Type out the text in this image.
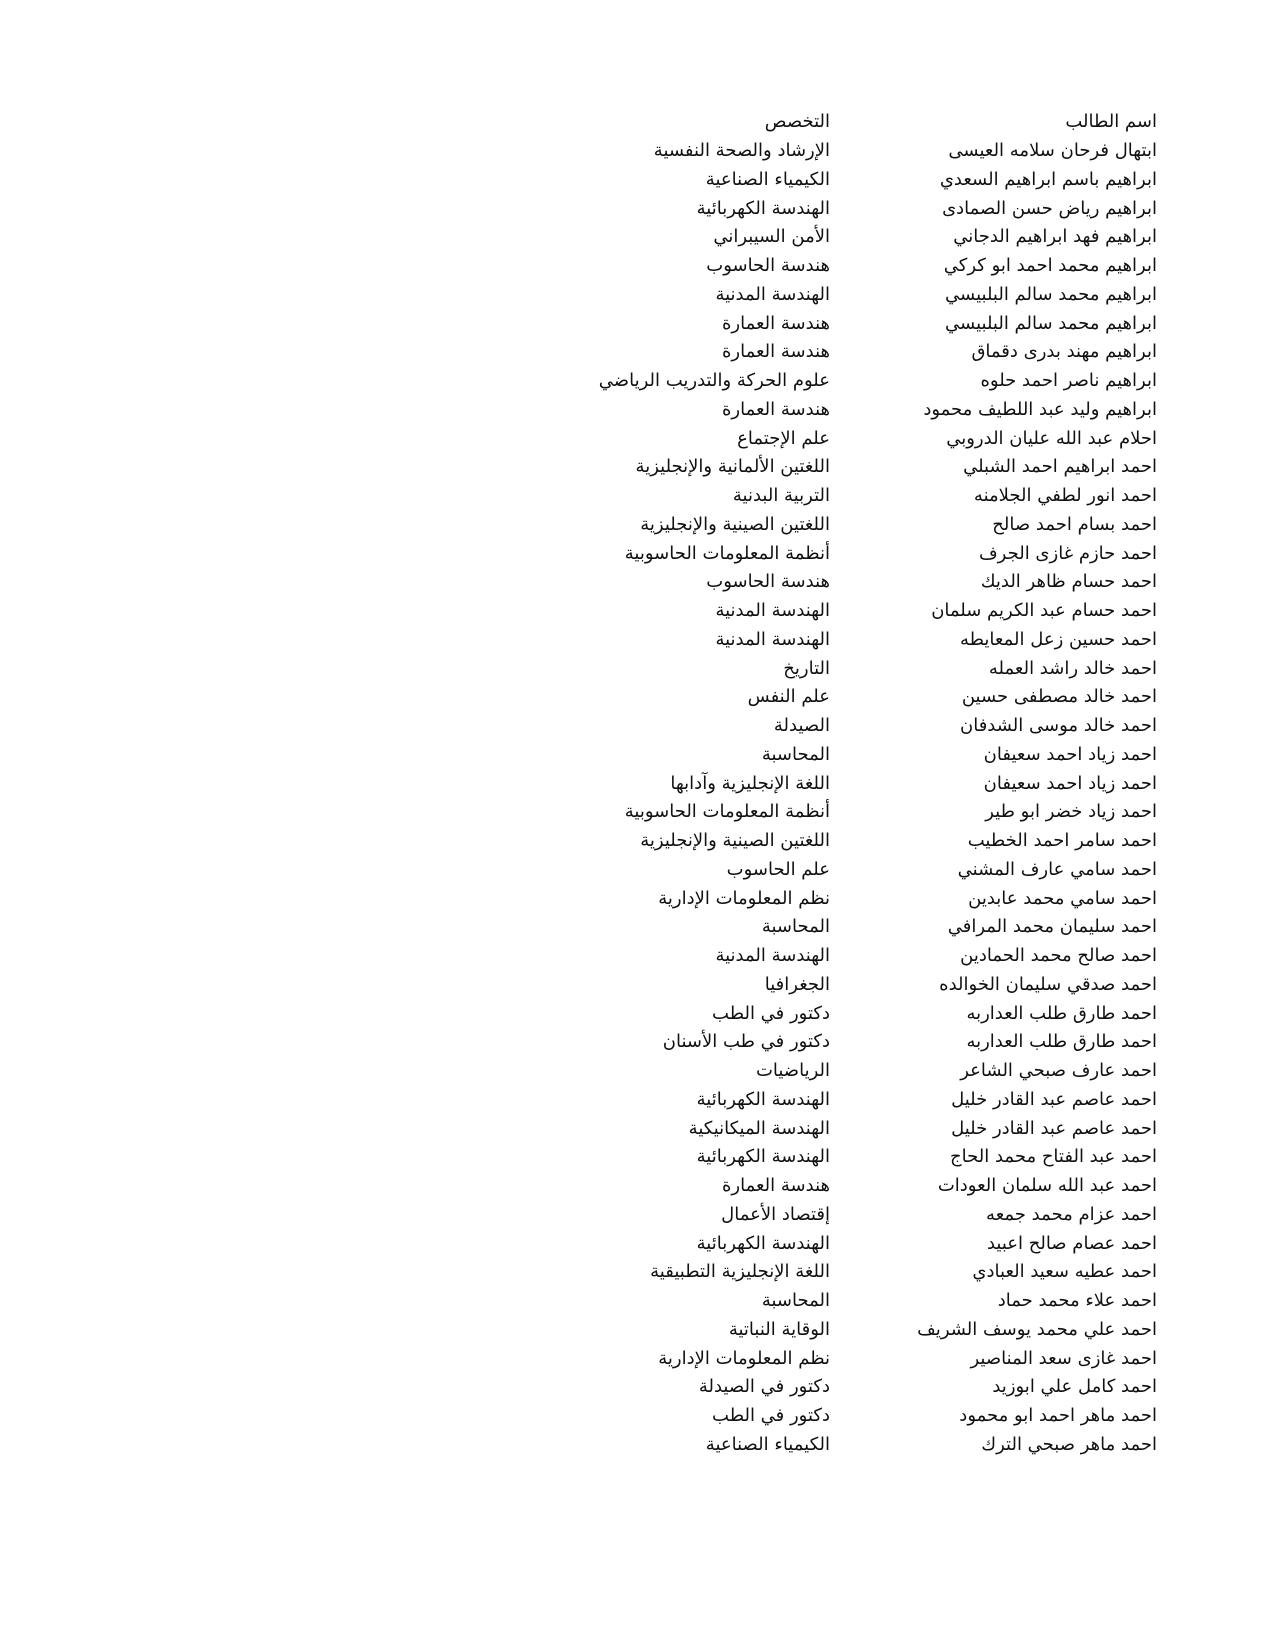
اسم الطالب
التخصص
ابتهال فرحان سلامه العيسى
الإرشاد والصحة النفسية
ابراهيم باسم ابراهيم السعدي
الكيمياء الصناعية
ابراهيم رياض حسن الصمادى
الهندسة الكهربائية
ابراهيم فهد ابراهيم الدجاني
الأمن السيبراني
ابراهيم محمد احمد ابو كركي
هندسة الحاسوب
ابراهيم محمد سالم البلبيسي
الهندسة المدنية
ابراهيم محمد سالم البلبيسي
هندسة العمارة
ابراهيم مهند بدرى دقماق
هندسة العمارة
ابراهيم ناصر احمد حلوه
علوم الحركة والتدريب الرياضي
ابراهيم وليد عبد اللطيف محمود
هندسة العمارة
احلام عبد الله عليان الدروبي
علم الإجتماع
احمد ابراهيم احمد الشبلي
اللغتين الألمانية والإنجليزية
احمد انور لطفي الجلامنه
التربية البدنية
احمد بسام احمد صالح
اللغتين الصينية والإنجليزية
احمد حازم غازى الجرف
أنظمة المعلومات الحاسوبية
احمد حسام ظاهر الديك
هندسة الحاسوب
احمد حسام عبد الكريم سلمان
الهندسة المدنية
احمد حسين زعل المعايطه
الهندسة المدنية
احمد خالد راشد العمله
التاريخ
احمد خالد مصطفى حسين
علم النفس
احمد خالد موسى الشدفان
الصيدلة
احمد زياد احمد سعيفان
المحاسبة
احمد زياد احمد سعيفان
اللغة الإنجليزية وآدابها
احمد زياد خضر ابو طير
أنظمة المعلومات الحاسوبية
احمد سامر احمد الخطيب
اللغتين الصينية والإنجليزية
احمد سامي عارف المشني
علم الحاسوب
احمد سامي محمد عابدين
نظم المعلومات الإدارية
احمد سليمان محمد المرافي
المحاسبة
احمد صالح محمد الحمادين
الهندسة المدنية
احمد صدقي سليمان الخوالده
الجغرافيا
احمد طارق طلب العداربه
دكتور في الطب
احمد طارق طلب العداربه
دكتور في طب الأسنان
احمد عارف صبحي الشاعر
الرياضيات
احمد عاصم عبد القادر خليل
الهندسة الكهربائية
احمد عاصم عبد القادر خليل
الهندسة الميكانيكية
احمد عبد الفتاح محمد الحاج
الهندسة الكهربائية
احمد عبد الله سلمان العودات
هندسة العمارة
احمد عزام محمد جمعه
إقتصاد الأعمال
احمد عصام صالح اعبيد
الهندسة الكهربائية
احمد عطيه سعيد العبادي
اللغة الإنجليزية التطبيقية
احمد علاء محمد حماد
المحاسبة
احمد علي محمد يوسف الشريف
الوقاية النباتية
احمد غازى سعد المناصير
نظم المعلومات الإدارية
احمد كامل علي ابوزيد
دكتور في الصيدلة
احمد ماهر احمد ابو محمود
دكتور في الطب
احمد ماهر صبحي الترك
الكيمياء الصناعية
